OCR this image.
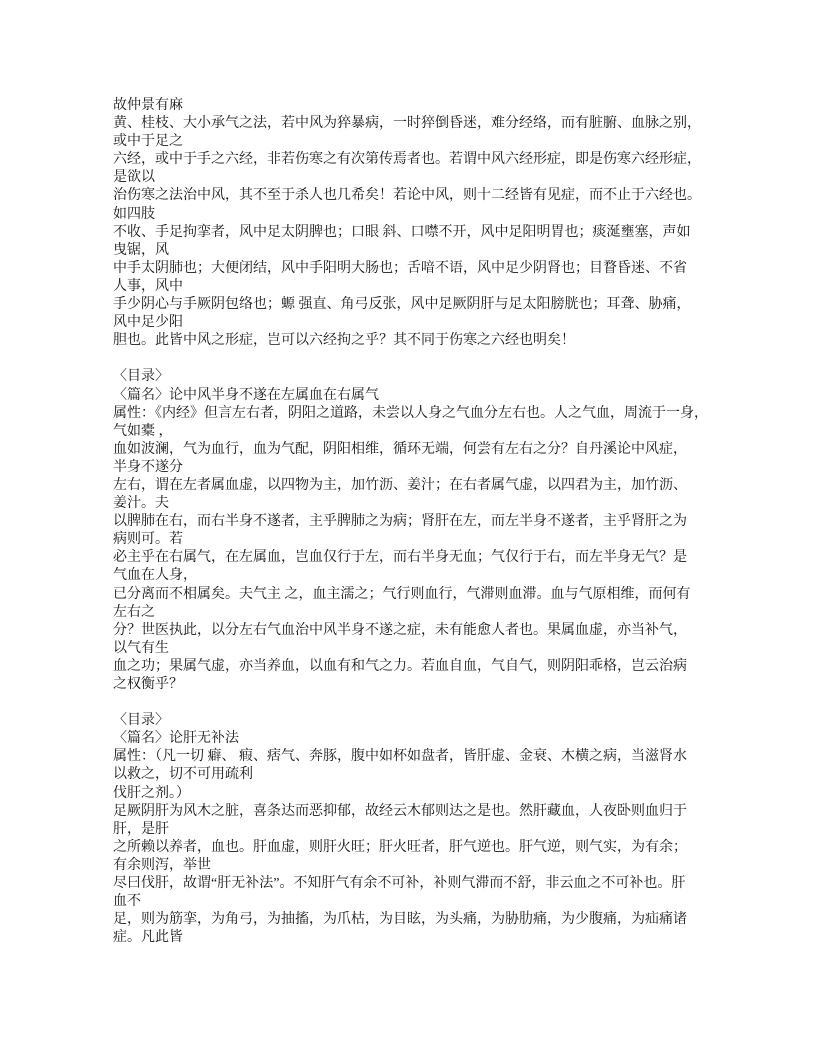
故仲景有麻
黄、桂枝、大小承气之法，若中风为猝暴病，一时猝倒昏迷，难分经络，而有脏腑、血脉之别，
或中于足之
六经，或中于手之六经，非若伤寒之有次第传焉者也。若谓中风六经形症，即是伤寒六经形症，
是欲以
治伤寒之法治中风，其不至于杀人也几希矣！若论中风，则十二经皆有见症，而不止于六经也。
如四肢
不收、手足拘挛者，风中足太阴脾也；口眼 斜、口噤不开，风中足阳明胃也；痰涎壅塞，声如
曳锯，风
中手太阴肺也；大便闭结，风中手阳明大肠也；舌喑不语，风中足少阴肾也；目瞀昏迷、不省
人事，风中
手少阴心与手厥阴包络也；螈 强直、角弓反张，风中足厥阴肝与足太阳膀胱也；耳聋、胁痛，
风中足少阳
胆也。此皆中风之形症，岂可以六经拘之乎？其不同于伤寒之六经也明矣！
〈目录〉
〈篇名〉论中风半身不遂在左属血在右属气
属性：《内经》但言左右者，阴阳之道路，未尝以人身之气血分左右也。人之气血，周流于一身，
气如橐 ，
血如波澜，气为血行，血为气配，阴阳相维，循环无端，何尝有左右之分？自丹溪论中风症，
半身不遂分
左右，谓在左者属血虚，以四物为主，加竹沥、姜汁；在右者属气虚，以四君为主，加竹沥、
姜汁。夫
以脾肺在右，而右半身不遂者，主乎脾肺之为病；肾肝在左，而左半身不遂者，主乎肾肝之为
病则可。若
必主乎在右属气，在左属血，岂血仅行于左，而右半身无血；气仅行于右，而左半身无气？是
气血在人身，
已分离而不相属矣。夫气主 之，血主濡之；气行则血行，气滞则血滞。血与气原相维，而何有
左右之
分？世医执此，以分左右气血治中风半身不遂之症，未有能愈人者也。果属血虚，亦当补气，
以气有生
血之功；果属气虚，亦当养血，以血有和气之力。若血自血，气自气，则阴阳乖格，岂云治病
之权衡乎？
〈目录〉
〈篇名〉论肝无补法
属性：（凡一切 癖、 瘕、痞气、奔豚，腹中如杯如盘者，皆肝虚、金衰、木横之病，当滋肾水
以救之，切不可用疏利
伐肝之剂。）
足厥阴肝为风木之脏，喜条达而恶抑郁，故经云木郁则达之是也。然肝藏血，人夜卧则血归于
肝，是肝
之所赖以养者，血也。肝血虚，则肝火旺；肝火旺者，肝气逆也。肝气逆，则气实，为有余；
有余则泻，举世
尽曰伐肝，故谓“肝无补法”。不知肝气有余不可补，补则气滞而不舒，非云血之不可补也。肝
血不
足，则为筋挛，为角弓，为抽搐，为爪枯，为目眩，为头痛，为胁肋痛，为少腹痛，为疝痛诸
症。凡此皆
